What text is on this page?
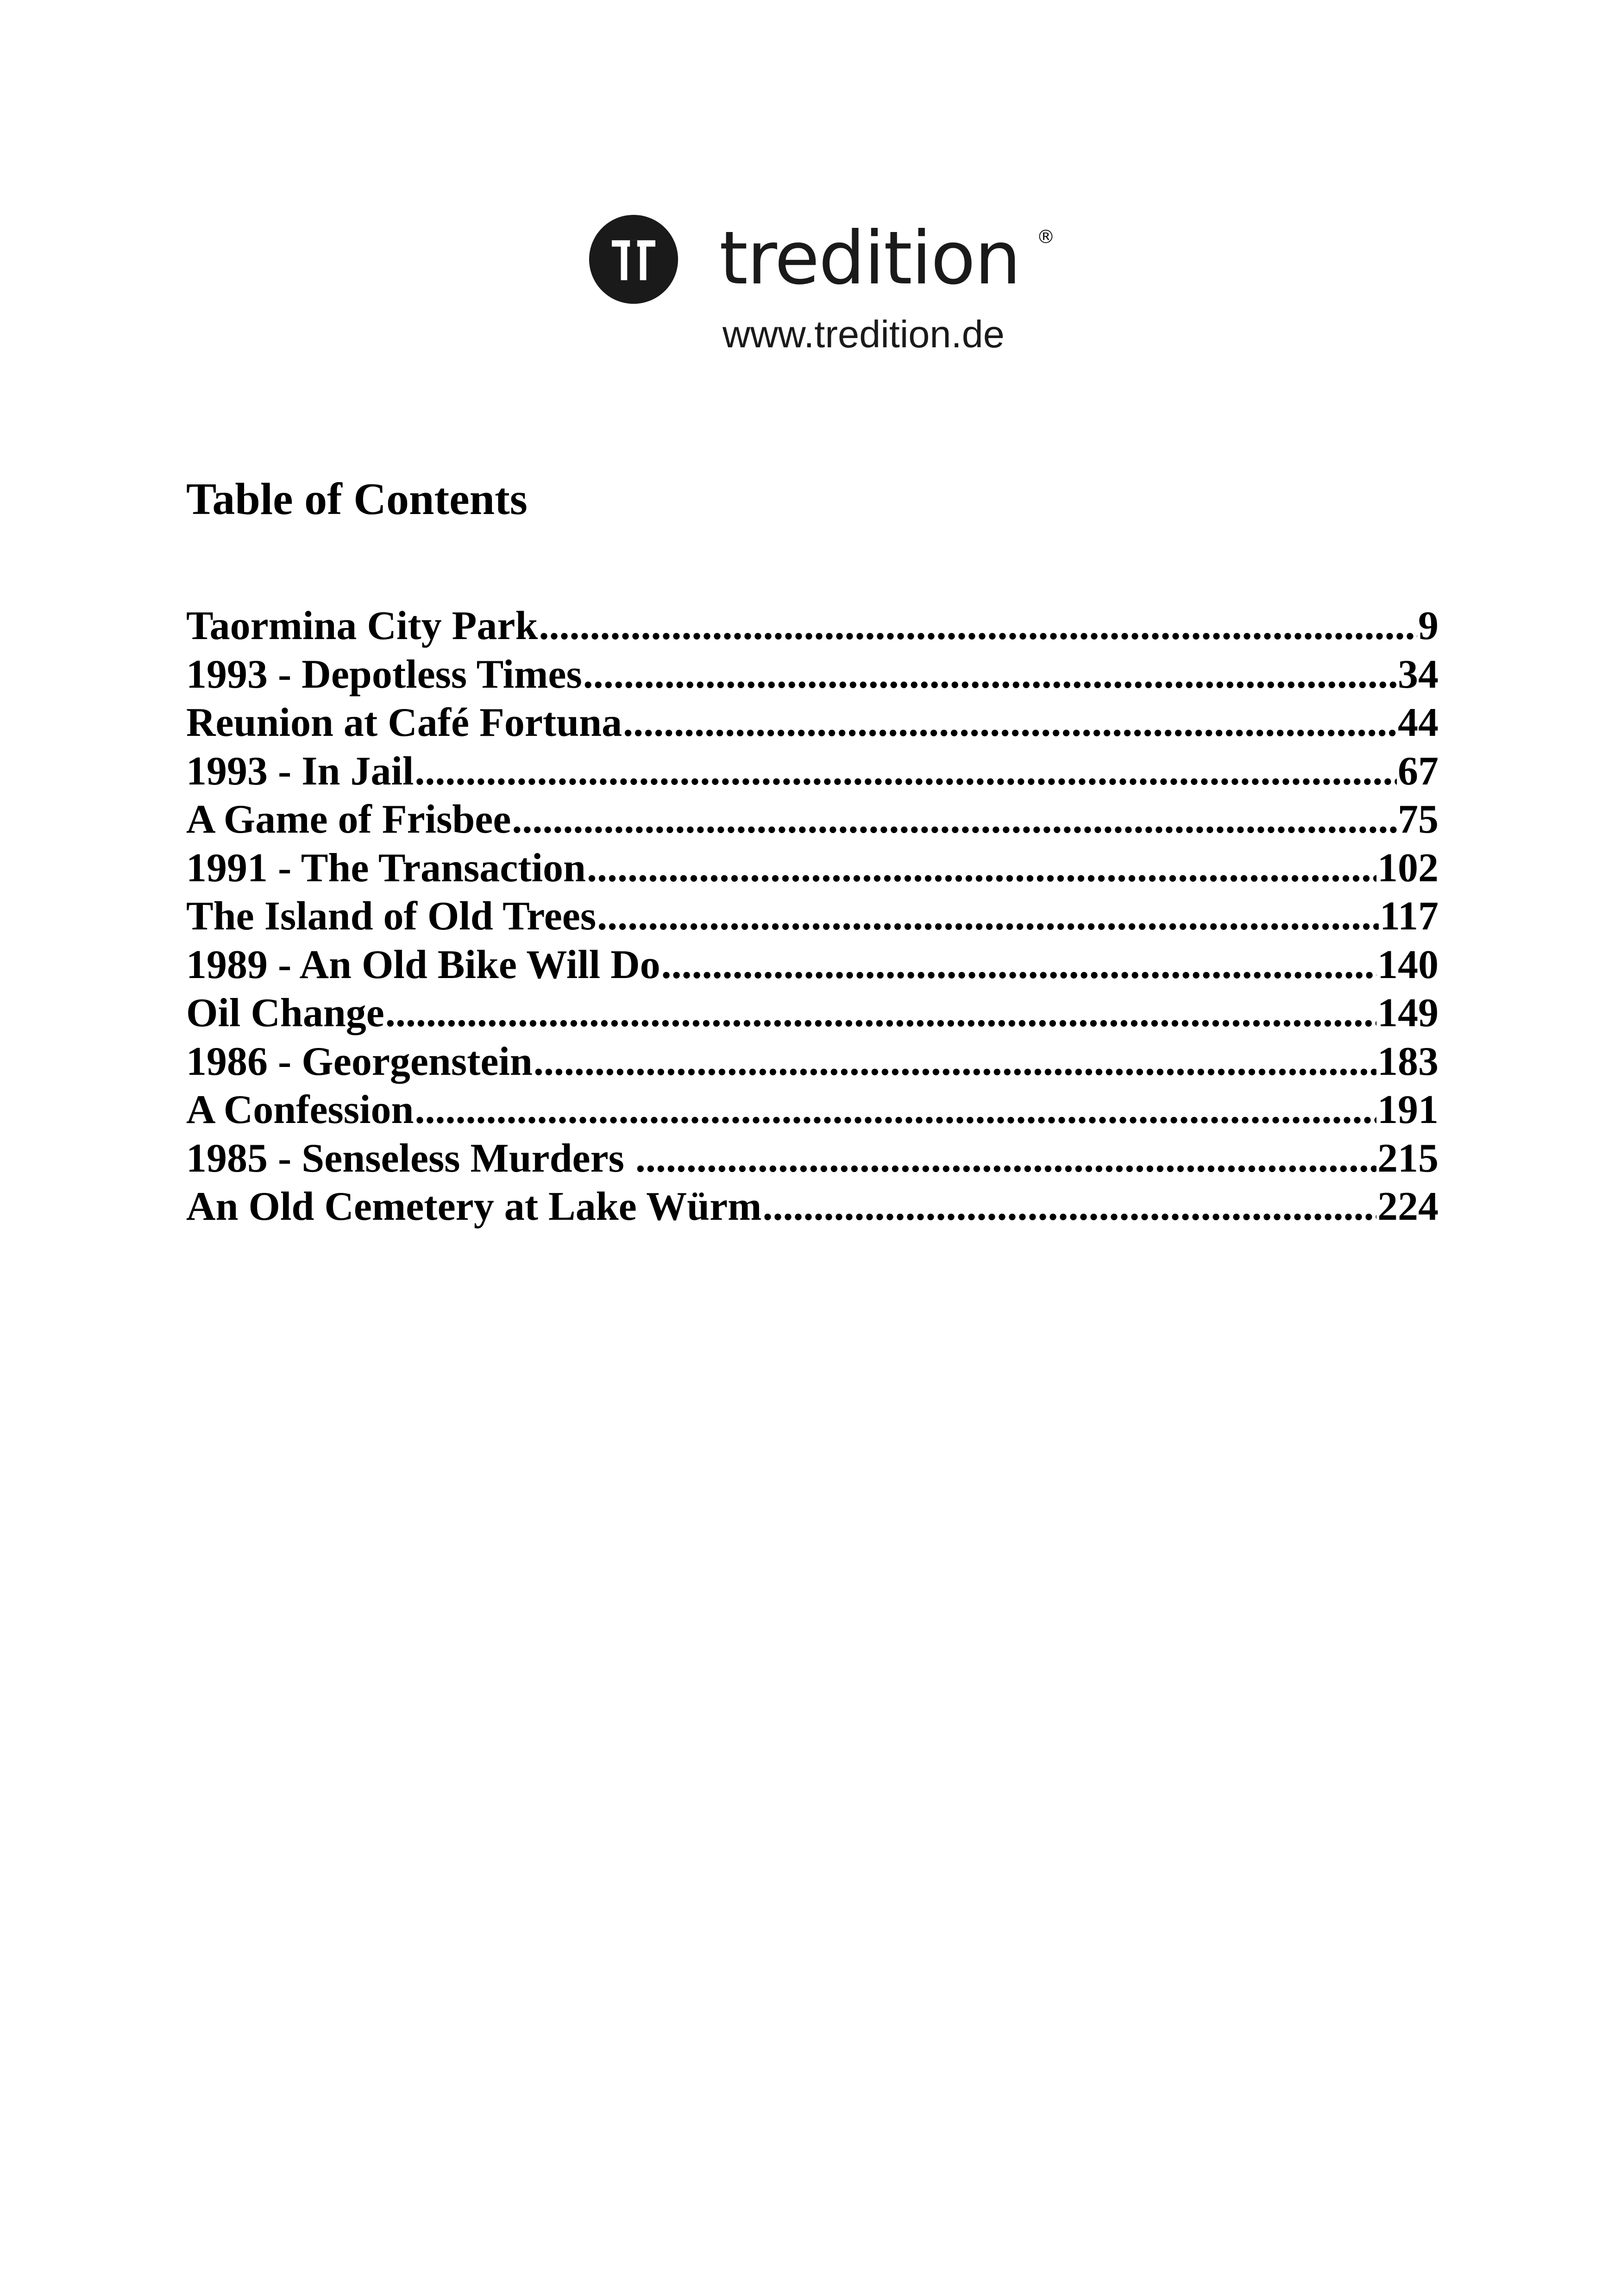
tredition ®
www.tredition.de
Table of Contents
Taormina City Park .....	9
1993 - Depotless Times .....	34
Reunion at Café Fortuna .....	44
1993 - In Jail .....	67
A Game of Frisbee .....	75
1991 - The Transaction .....	102
The Island of Old Trees .....	117
1989 - An Old Bike Will Do .....	140
Oil Change .....	149
1986 - Georgenstein .....	183
A Confession .....	191
1985 - Senseless Murders .....	215
An Old Cemetery at Lake Würm .....	224
